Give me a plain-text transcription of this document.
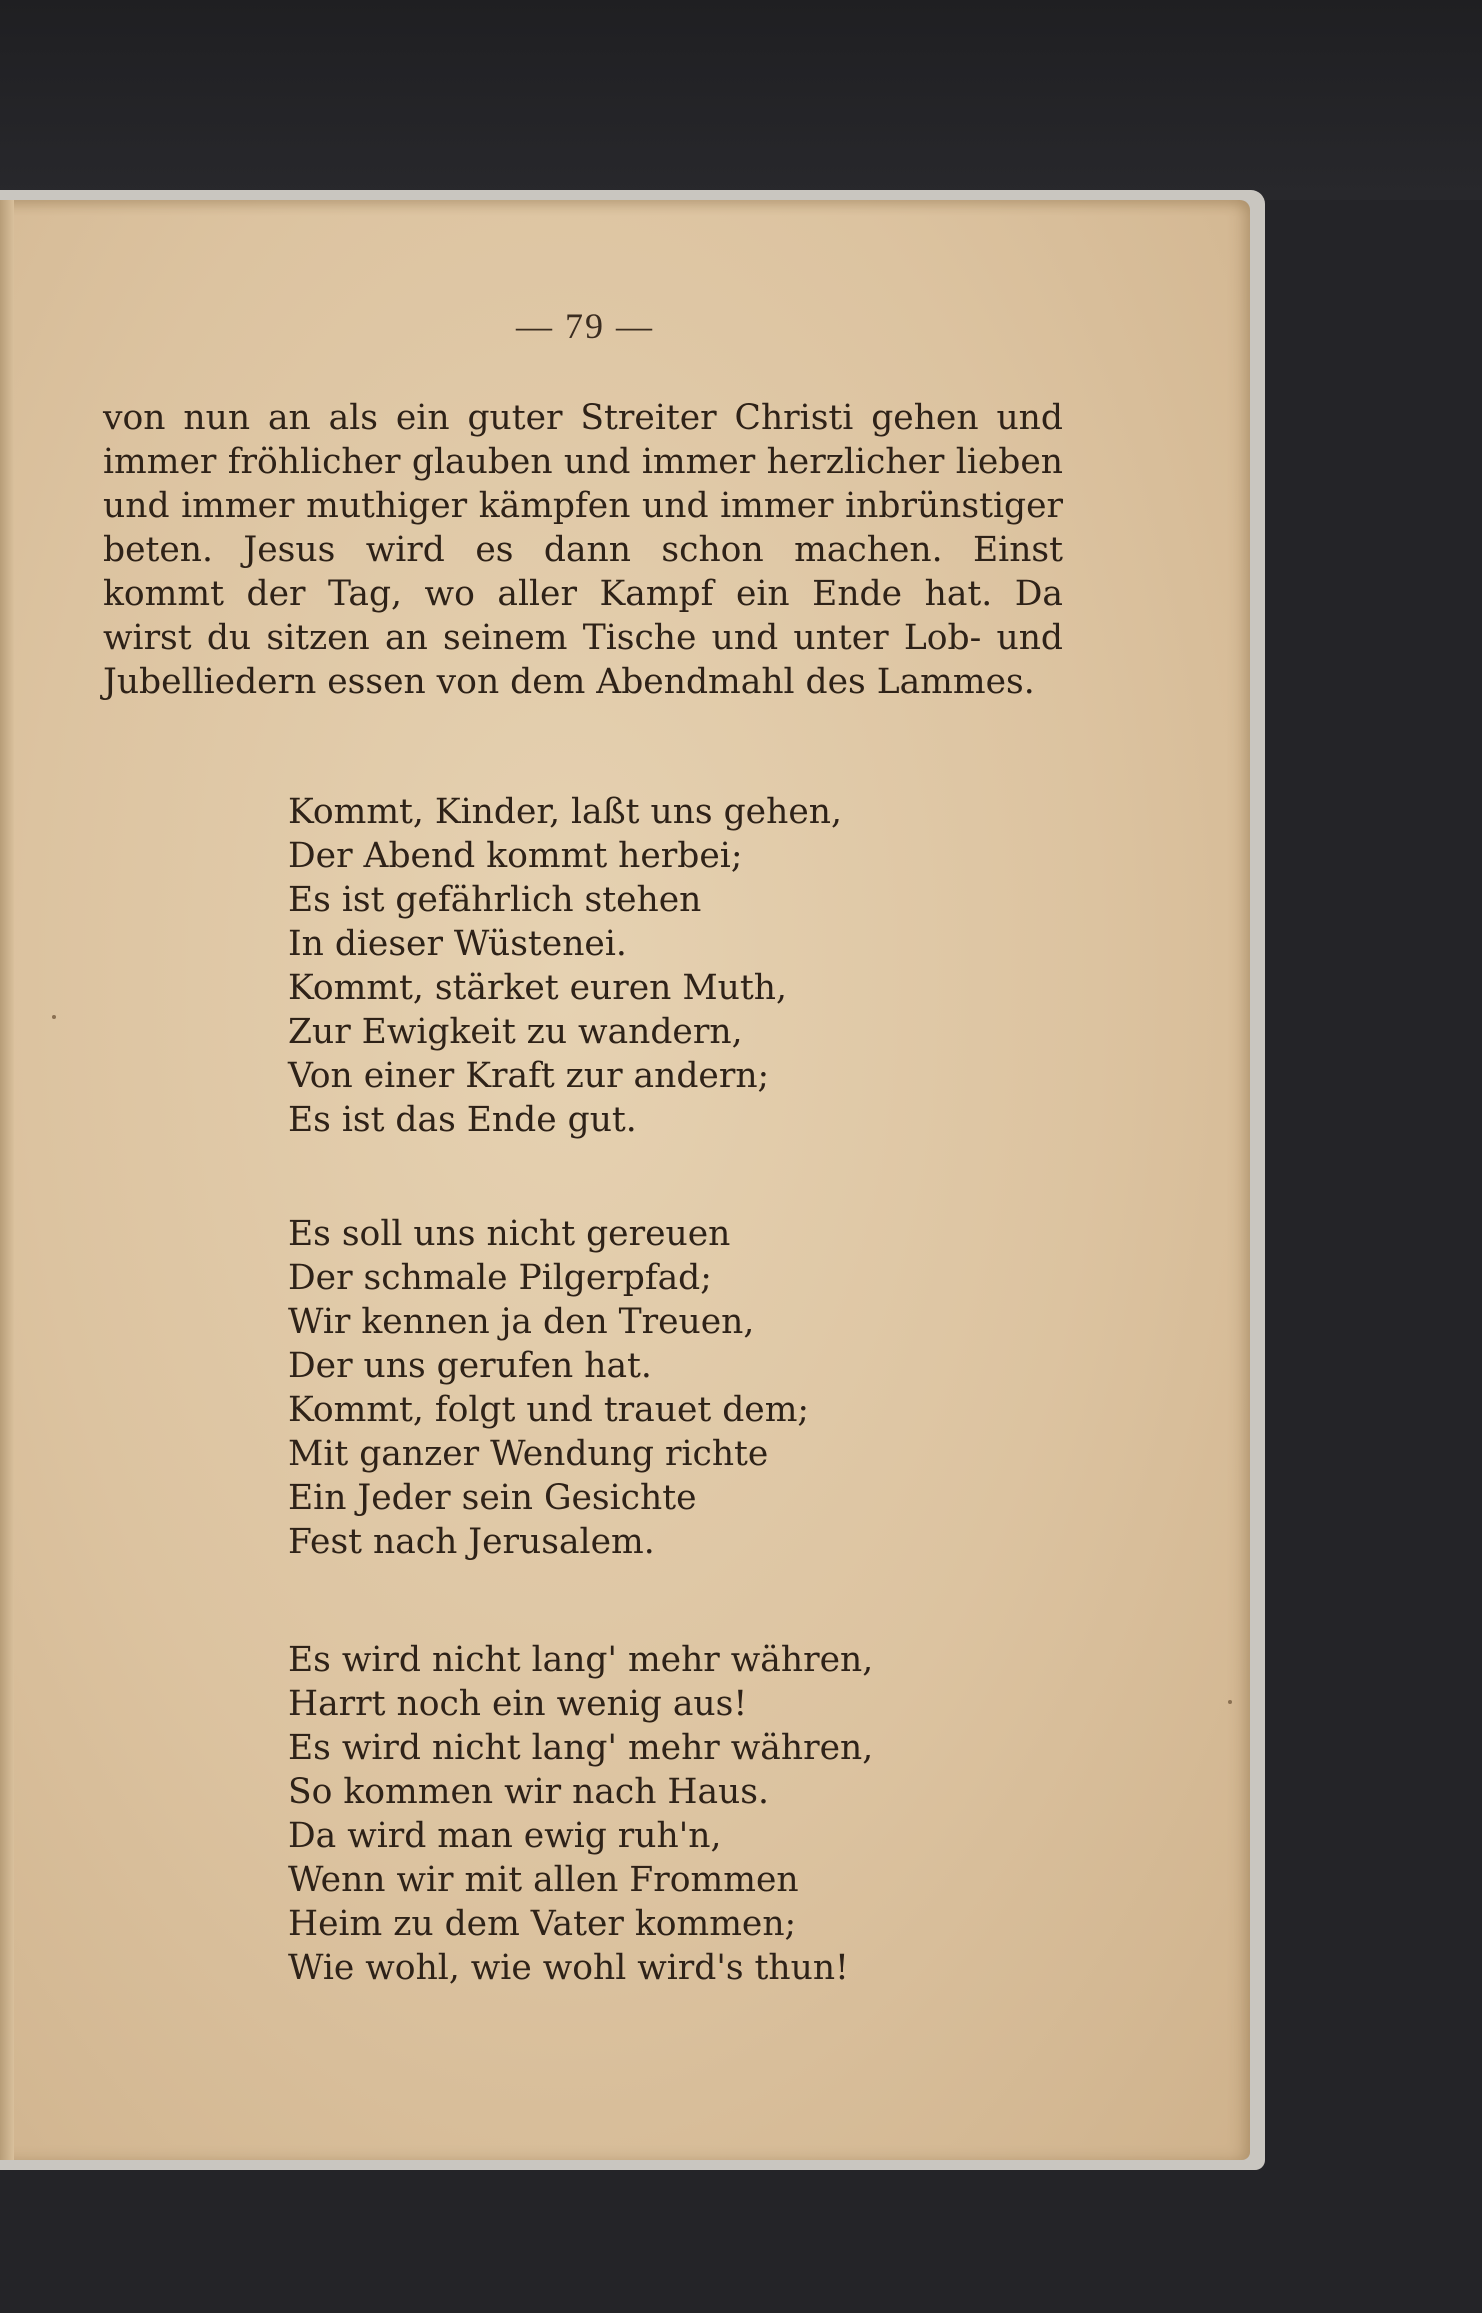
— 79 —
von nun an als ein guter Streiter Christi gehen und
immer fröhlicher glauben und immer herzlicher lieben
und immer muthiger kämpfen und immer inbrünstiger
beten. Jesus wird es dann schon machen. Einst
kommt der Tag, wo aller Kampf ein Ende hat. Da
wirst du sitzen an seinem Tische und unter Lob- und
Jubelliedern essen von dem Abendmahl des Lammes.
Kommt, Kinder, laßt uns gehen,
Der Abend kommt herbei;
Es ist gefährlich stehen
In dieser Wüstenei.
Kommt, stärket euren Muth,
Zur Ewigkeit zu wandern,
Von einer Kraft zur andern;
Es ist das Ende gut.
Es soll uns nicht gereuen
Der schmale Pilgerpfad;
Wir kennen ja den Treuen,
Der uns gerufen hat.
Kommt, folgt und trauet dem;
Mit ganzer Wendung richte
Ein Jeder sein Gesichte
Fest nach Jerusalem.
Es wird nicht lang' mehr währen,
Harrt noch ein wenig aus!
Es wird nicht lang' mehr währen,
So kommen wir nach Haus.
Da wird man ewig ruh'n,
Wenn wir mit allen Frommen
Heim zu dem Vater kommen;
Wie wohl, wie wohl wird's thun!
